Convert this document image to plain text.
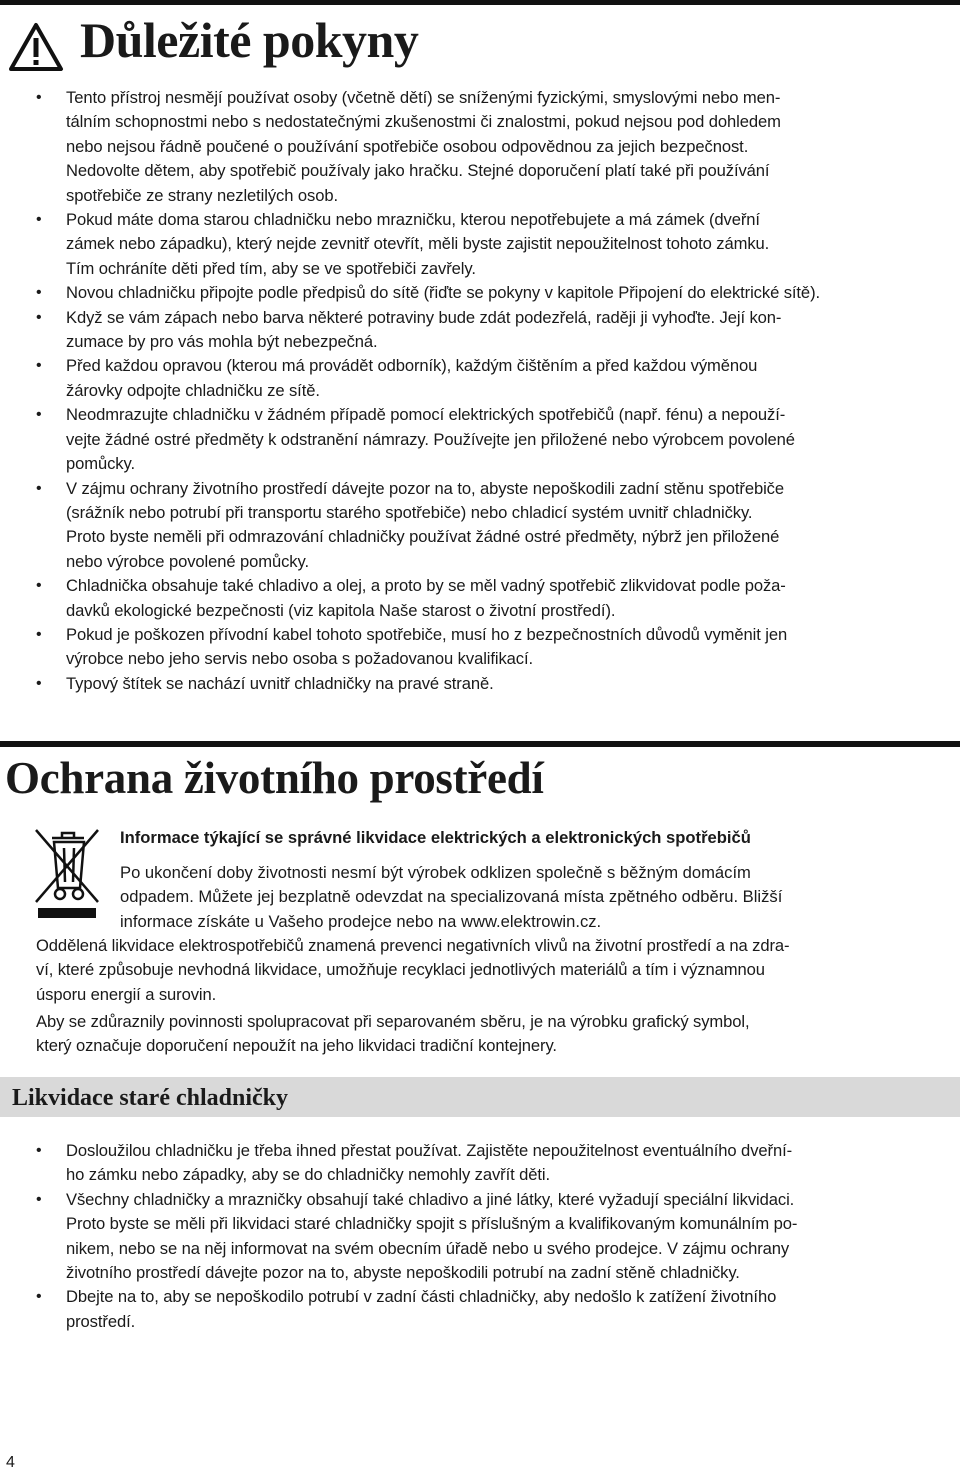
Důležité pokyny
• Tento přístroj nesmějí používat osoby (včetně dětí) se sníženými fyzickými, smyslovými nebo men-
tálním schopnostmi nebo s nedostatečnými zkušenostmi či znalostmi, pokud nejsou pod dohledem
nebo nejsou řádně poučené o používání spotřebiče osobou odpovědnou za jejich bezpečnost.
Nedovolte dětem, aby spotřebič používaly jako hračku. Stejné doporučení platí také při používání
spotřebiče ze strany nezletilých osob.
• Pokud máte doma starou chladničku nebo mrazničku, kterou nepotřebujete a má zámek (dveřní
zámek nebo západku), který nejde zevnitř otevřít, měli byste zajistit nepoužitelnost tohoto zámku.
Tím ochráníte děti před tím, aby se ve spotřebiči zavřely.
• Novou chladničku připojte podle předpisů do sítě (řiďte se pokyny v kapitole Připojení do elektrické sítě).
• Když se vám zápach nebo barva některé potraviny bude zdát podezřelá, raději ji vyhoďte. Její kon-
zumace by pro vás mohla být nebezpečná.
• Před každou opravou (kterou má provádět odborník), každým čištěním a před každou výměnou
žárovky odpojte chladničku ze sítě.
• Neodmrazujte chladničku v žádném případě pomocí elektrických spotřebičů (např. fénu) a nepouží-
vejte žádné ostré předměty k odstranění námrazy. Používejte jen přiložené nebo výrobcem povolené
pomůcky.
• V zájmu ochrany životního prostředí dávejte pozor na to, abyste nepoškodili zadní stěnu spotřebiče
(srážník nebo potrubí při transportu starého spotřebiče) nebo chladicí systém uvnitř chladničky.
Proto byste neměli při odmrazování chladničky používat žádné ostré předměty, nýbrž jen přiložené
nebo výrobce povolené pomůcky.
• Chladnička obsahuje také chladivo a olej, a proto by se měl vadný spotřebič zlikvidovat podle poža-
davků ekologické bezpečnosti (viz kapitola Naše starost o životní prostředí).
• Pokud je poškozen přívodní kabel tohoto spotřebiče, musí ho z bezpečnostních důvodů vyměnit jen
výrobce nebo jeho servis nebo osoba s požadovanou kvalifikací.
• Typový štítek se nachází uvnitř chladničky na pravé straně.
Ochrana životního prostředí
Informace týkající se správné likvidace elektrických a elektronických spotřebičů
Po ukončení doby životnosti nesmí být výrobek odklizen společně s běžným domácím
odpadem. Můžete jej bezplatně odevzdat na specializovaná místa zpětného odběru. Bližší
informace získáte u Vašeho prodejce nebo na www.elektrowin.cz.
Oddělená likvidace elektrospotřebičů znamená prevenci negativních vlivů na životní prostředí a na zdra-
ví, které způsobuje nevhodná likvidace, umožňuje recyklaci jednotlivých materiálů a tím i významnou
úsporu energií a surovin.
Aby se zdůraznily povinnosti spolupracovat při separovaném sběru, je na výrobku grafický symbol,
který označuje doporučení nepoužít na jeho likvidaci tradiční kontejnery.
Likvidace staré chladničky
• Dosloužilou chladničku je třeba ihned přestat používat. Zajistěte nepoužitelnost eventuálního dveřní-
ho zámku nebo západky, aby se do chladničky nemohly zavřít děti.
• Všechny chladničky a mrazničky obsahují také chladivo a jiné látky, které vyžadují speciální likvidaci.
Proto byste se měli při likvidaci staré chladničky spojit s příslušným a kvalifikovaným komunálním po-
nikem, nebo se na něj informovat na svém obecním úřadě nebo u svého prodejce. V zájmu ochrany
životního prostředí dávejte pozor na to, abyste nepoškodili potrubí na zadní stěně chladničky.
• Dbejte na to, aby se nepoškodilo potrubí v zadní části chladničky, aby nedošlo k zatížení životního
prostředí.
4
